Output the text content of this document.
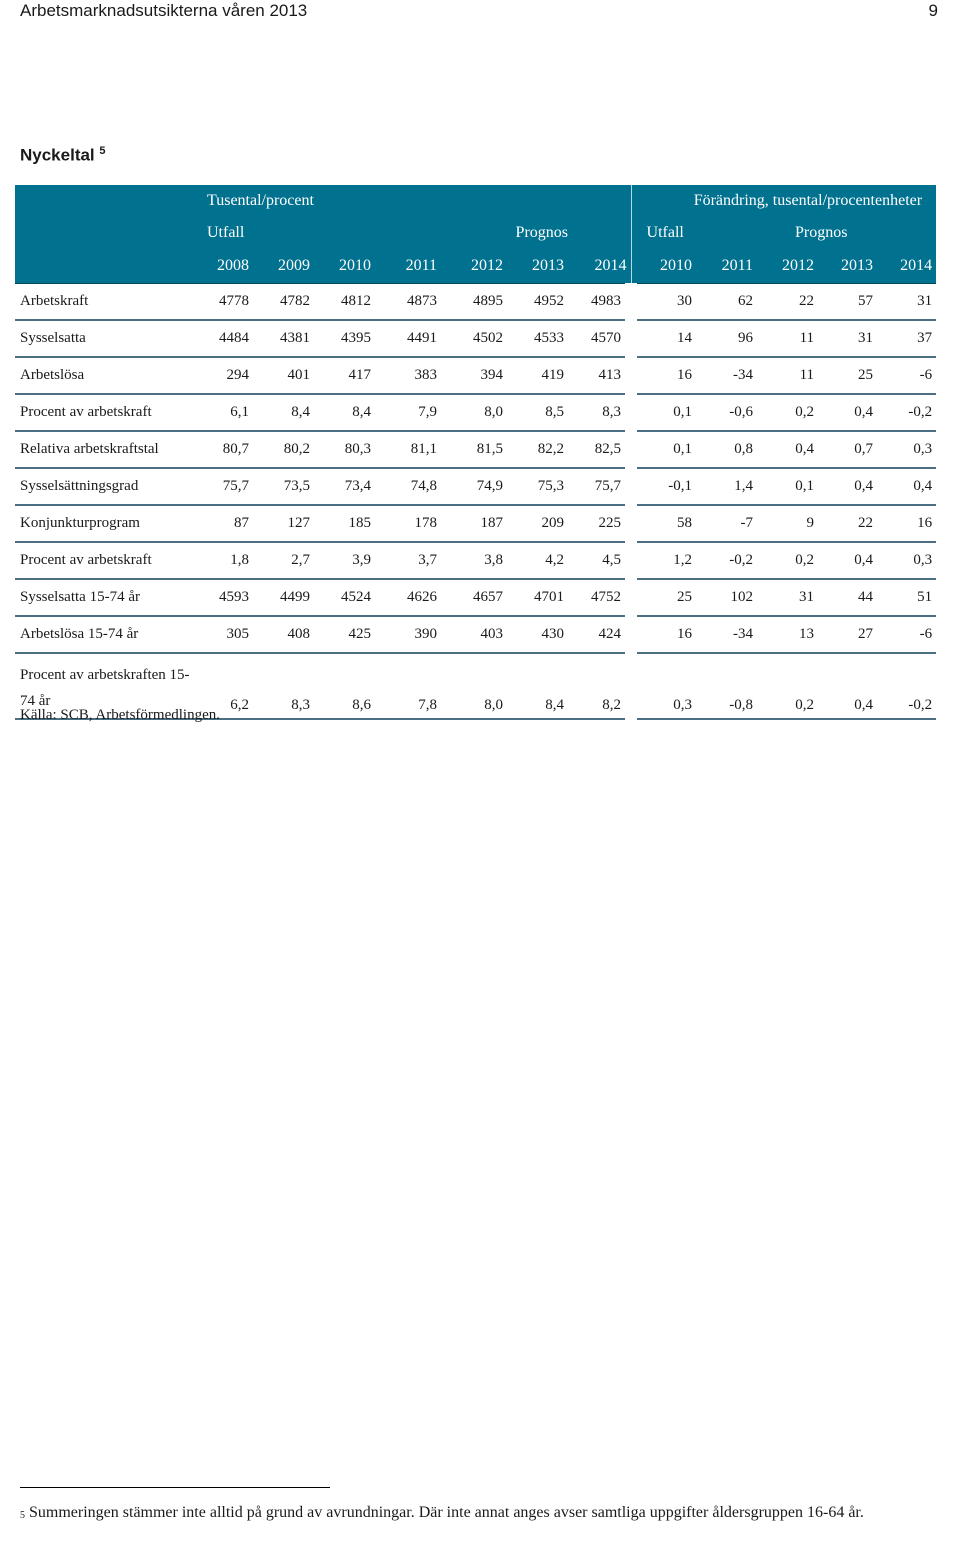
Arbetsmarknadsutsikterna våren 2013	9
Nyckeltal $^5$
	Tusental/procent							Förändring, tusental/procentenheter				
	Utfall		Prognos					Utfall		Prognos		
	2008	2009	2010	2011	2012	2013	2014	2010	2011	2012	2013	2014
Arbetskraft	4778	4782	4812	4873	4895	4952	4983	30	62	22	57	31
Sysselsatta	4484	4381	4395	4491	4502	4533	4570	14	96	11	31	37
Arbetslösa	294	401	417	383	394	419	413	16	-34	11	25	-6
Procent av arbetskraft	6,1	8,4	8,4	7,9	8,0	8,5	8,3	0,1	-0,6	0,2	0,4	-0,2
Relativa arbetskraftstal	80,7	80,2	80,3	81,1	81,5	82,2	82,5	0,1	0,8	0,4	0,7	0,3
Sysselsättningsgrad	75,7	73,5	73,4	74,8	74,9	75,3	75,7	-0,1	1,4	0,1	0,4	0,4
Konjunkturprogram	87	127	185	178	187	209	225	58	-7	9	22	16
Procent av arbetskraft	1,8	2,7	3,9	3,7	3,8	4,2	4,5	1,2	-0,2	0,2	0,4	0,3
Sysselsatta 15-74 år	4593	4499	4524	4626	4657	4701	4752	25	102	31	44	51
Arbetslösa 15-74 år	305	408	425	390	403	430	424	16	-34	13	27	-6
Procent av arbetskraften 15-74 år	6,2	8,3	8,6	7,8	8,0	8,4	8,2	0,3	-0,8	0,2	0,4	-0,2
Källa: SCB, Arbetsförmedlingen.
$^5$ Summeringen stämmer inte alltid på grund av avrundningar. Där inte annat anges avser samtliga uppgifter åldersgruppen 16-64 år.
